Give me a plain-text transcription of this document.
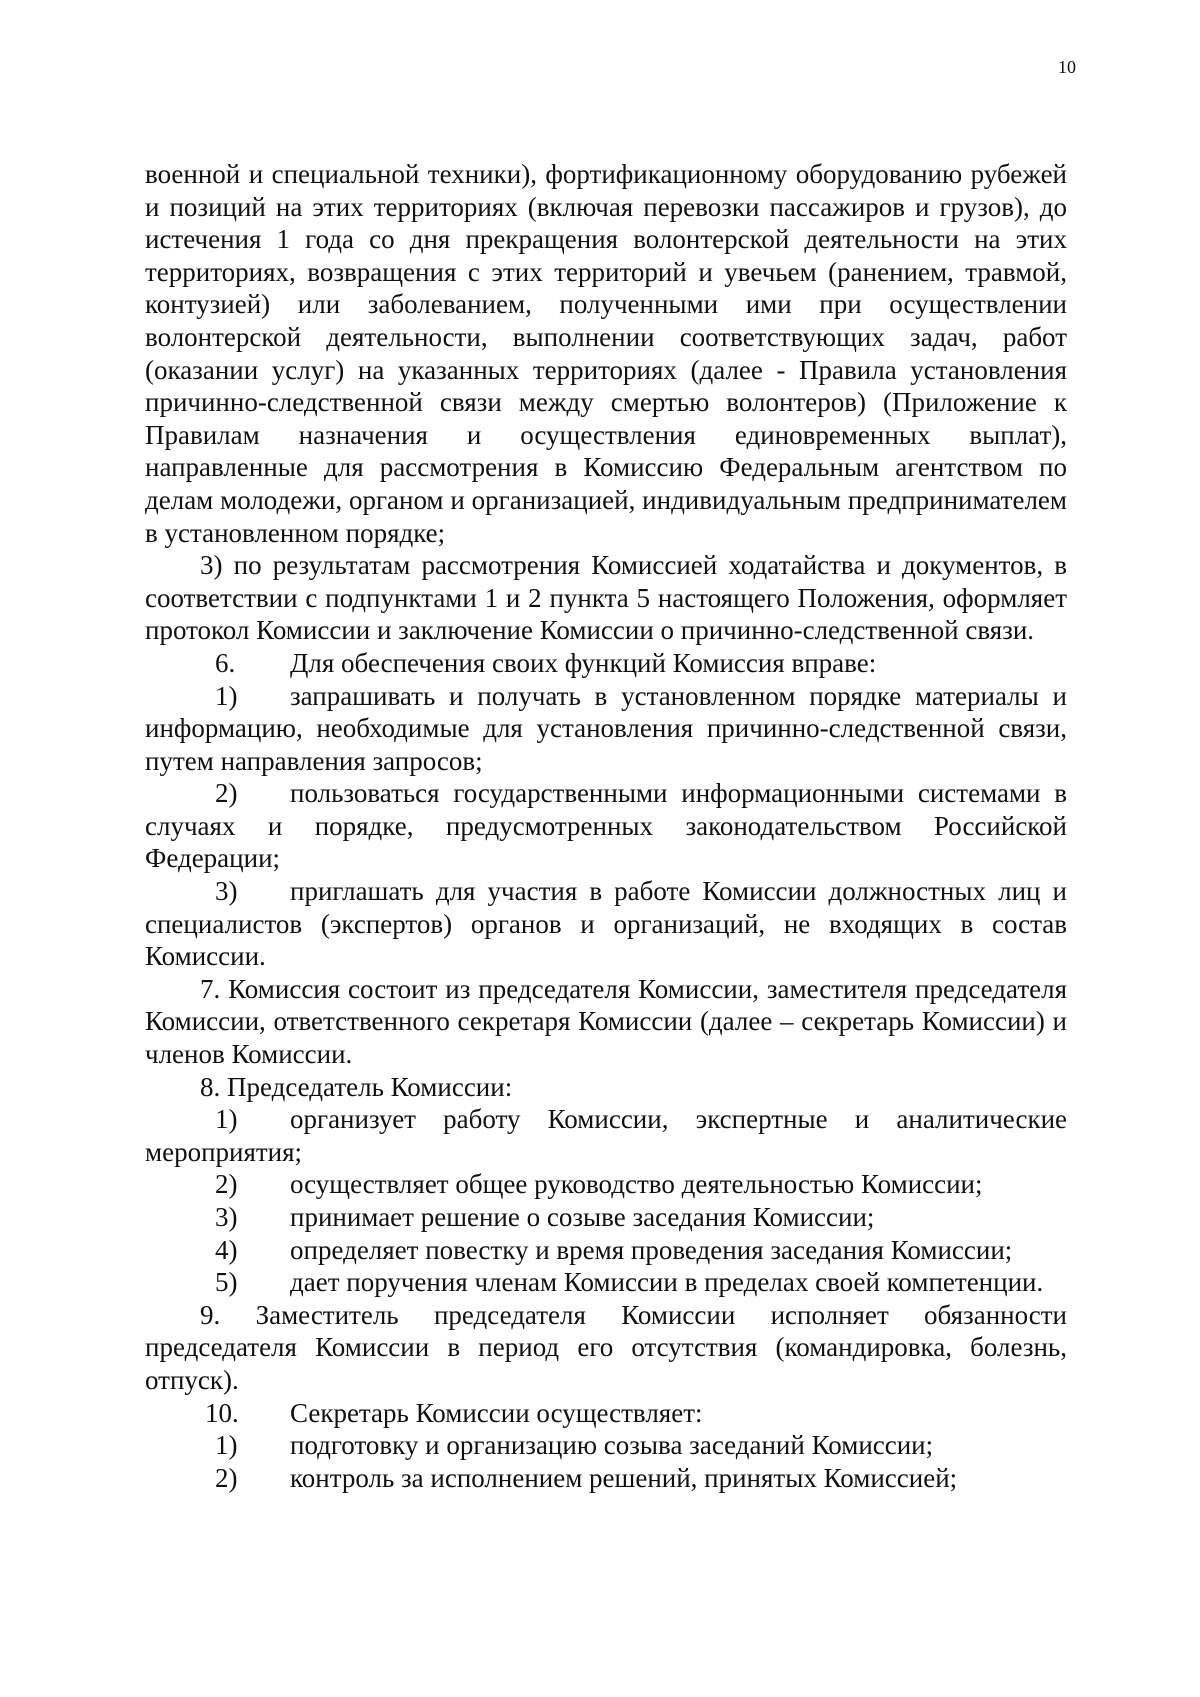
10

военной и специальной техники), фортификационному оборудованию рубежей и позиций на этих территориях (включая перевозки пассажиров и грузов), до истечения 1 года со дня прекращения волонтерской деятельности на этих территориях, возвращения с этих территорий и увечьем (ранением, травмой, контузией) или заболеванием, полученными ими при осуществлении волонтерской деятельности, выполнении соответствующих задач, работ (оказании услуг) на указанных территориях (далее - Правила установления причинно-следственной связи между смертью волонтеров) (Приложение к Правилам назначения и осуществления единовременных выплат), направленные для рассмотрения в Комиссию Федеральным агентством по делам молодежи, органом и организацией, индивидуальным предпринимателем в установленном порядке;

3) по результатам рассмотрения Комиссией ходатайства и документов, в соответствии с подпунктами 1 и 2 пункта 5 настоящего Положения, оформляет протокол Комиссии и заключение Комиссии о причинно-следственной связи.

6. Для обеспечения своих функций Комиссия вправе:

1) запрашивать и получать в установленном порядке материалы и информацию, необходимые для установления причинно-следственной связи, путем направления запросов;

2) пользоваться государственными информационными системами в случаях и порядке, предусмотренных законодательством Российской Федерации;

3) приглашать для участия в работе Комиссии должностных лиц и специалистов (экспертов) органов и организаций, не входящих в состав Комиссии.

7. Комиссия состоит из председателя Комиссии, заместителя председателя Комиссии, ответственного секретаря Комиссии (далее – секретарь Комиссии) и членов Комиссии.

8. Председатель Комиссии:

1) организует работу Комиссии, экспертные и аналитические мероприятия;

2) осуществляет общее руководство деятельностью Комиссии;

3) принимает решение о созыве заседания Комиссии;

4) определяет повестку и время проведения заседания Комиссии;

5) дает поручения членам Комиссии в пределах своей компетенции.

9. Заместитель председателя Комиссии исполняет обязанности председателя Комиссии в период его отсутствия (командировка, болезнь, отпуск).

10. Секретарь Комиссии осуществляет:

1) подготовку и организацию созыва заседаний Комиссии;

2) контроль за исполнением решений, принятых Комиссией;
